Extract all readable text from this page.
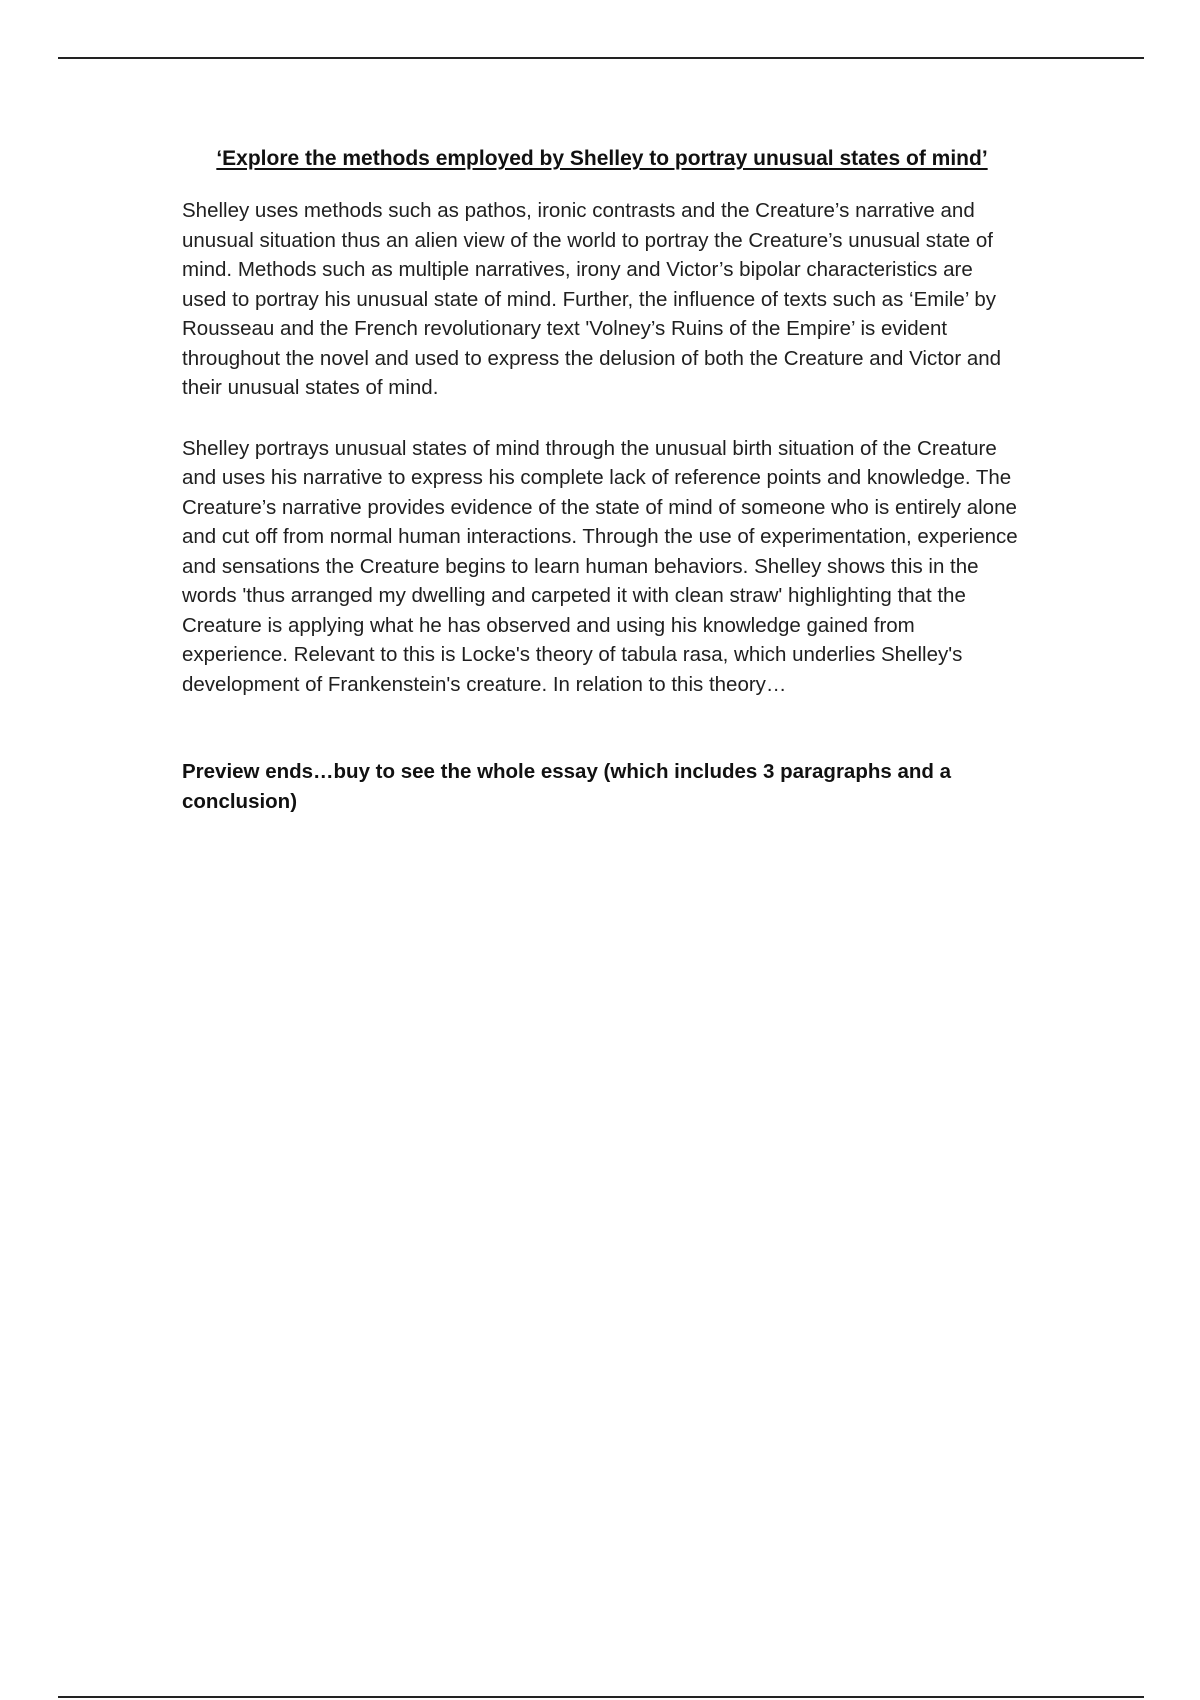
‘Explore the methods employed by Shelley to portray unusual states of mind’

Shelley uses methods such as pathos, ironic contrasts and the Creature’s narrative and unusual situation thus an alien view of the world to portray the Creature’s unusual state of mind. Methods such as multiple narratives, irony and Victor’s bipolar characteristics are used to portray his unusual state of mind. Further, the influence of texts such as ‘Emile’ by Rousseau and the French revolutionary text 'Volney’s Ruins of the Empire’ is evident throughout the novel and used to express the delusion of both the Creature and Victor and their unusual states of mind.

Shelley portrays unusual states of mind through the unusual birth situation of the Creature and uses his narrative to express his complete lack of reference points and knowledge. The Creature’s narrative provides evidence of the state of mind of someone who is entirely alone and cut off from normal human interactions. Through the use of experimentation, experience and sensations the Creature begins to learn human behaviors. Shelley shows this in the words 'thus arranged my dwelling and carpeted it with clean straw' highlighting that the Creature is applying what he has observed and using his knowledge gained from experience. Relevant to this is Locke's theory of tabula rasa, which underlies Shelley's development of Frankenstein's creature. In relation to this theory…

Preview ends…buy to see the whole essay (which includes 3 paragraphs and a conclusion)
